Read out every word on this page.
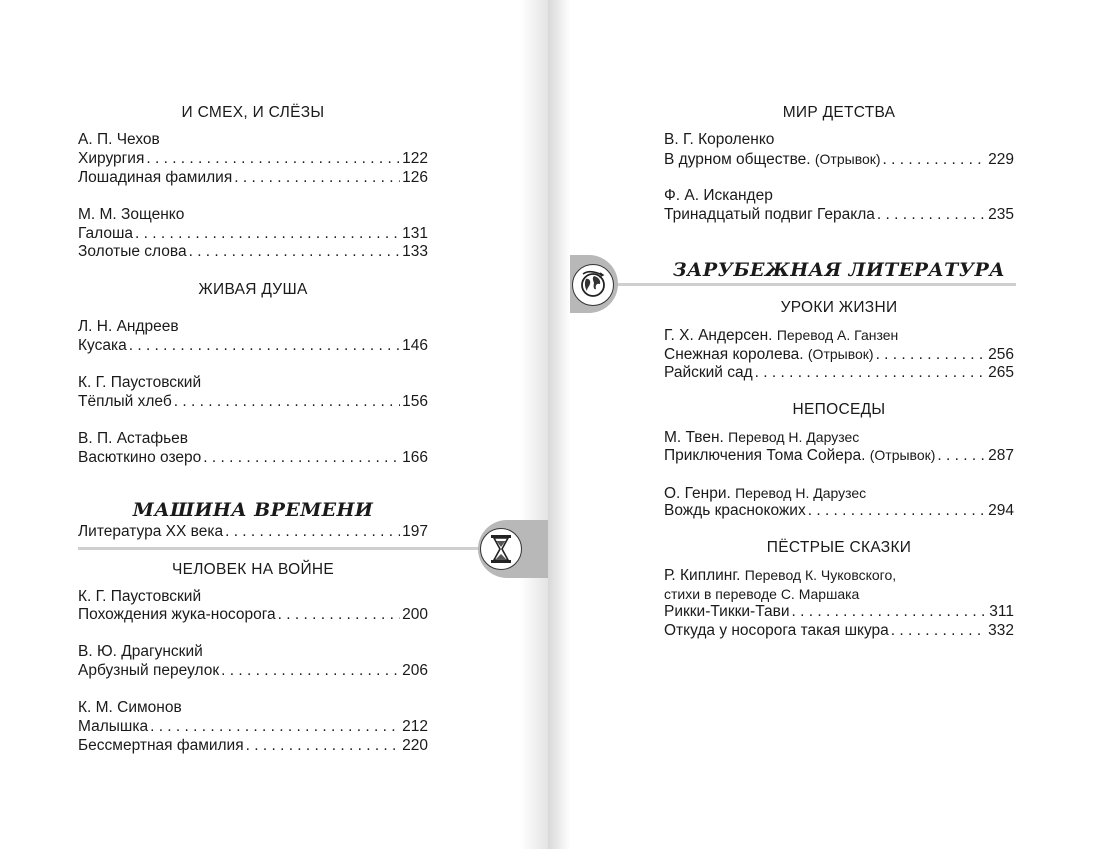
И СМЕХ, И СЛЁЗЫ
А. П. Чехов
Хирургия . . .	122
Лошадиная фамилия . . .	126
М. М. Зощенко
Галоша . . .	131
Золотые слова . . .	133
ЖИВАЯ ДУША
Л. Н. Андреев
Кусака . . .	146
К. Г. Паустовский
Тёплый хлеб . . .	156
В. П. Астафьев
Васюткино озеро . . .	166
МАШИНА ВРЕМЕНИ
Литература XX века . . .	197
ЧЕЛОВЕК НА ВОЙНЕ
К. Г. Паустовский
Похождения жука-носорога . . .	200
В. Ю. Драгунский
Арбузный переулок . . .	206
К. М. Симонов
Малышка . . .	212
Бессмертная фамилия . . .	220
МИР ДЕТСТВА
В. Г. Короленко
В дурном обществе. (Отрывок) . . .	229
Ф. А. Искандер
Тринадцатый подвиг Геракла . . .	235
ЗАРУБЕЖНАЯ ЛИТЕРАТУРА
УРОКИ ЖИЗНИ
Г. Х. Андерсен. Перевод А. Ганзен
Снежная королева. (Отрывок) . . .	256
Райский сад . . .	265
НЕПОСЕДЫ
М. Твен. Перевод Н. Дарузес
Приключения Тома Сойера. (Отрывок) . . .	287
О. Генри. Перевод Н. Дарузес
Вождь краснокожих . . .	294
ПЁСТРЫЕ СКАЗКИ
Р. Киплинг. Перевод К. Чуковского,
стихи в переводе С. Маршака
Рикки-Тикки-Тави . . .	311
Откуда у носорога такая шкура . . .	332
